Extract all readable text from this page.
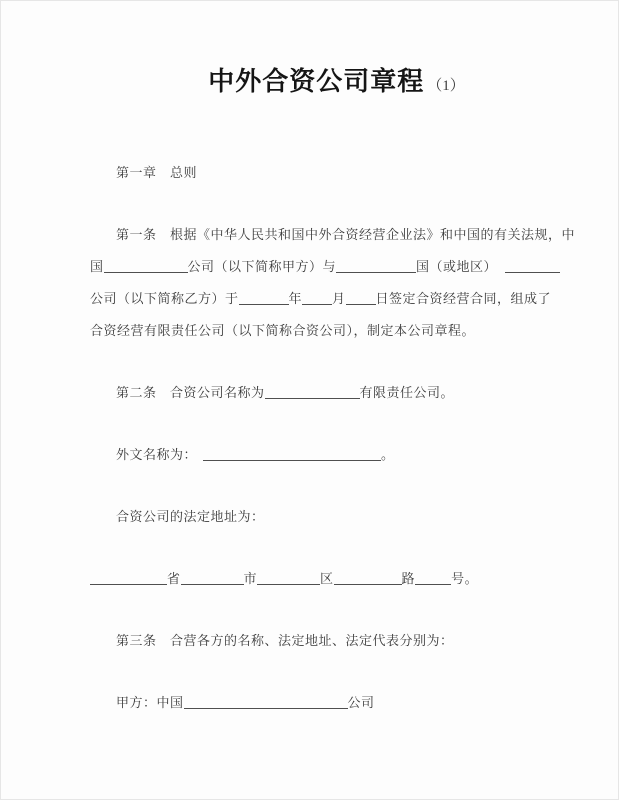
中外合资公司章程 （1）
第一章　总则
第一条　根据《中华人民共和国中外合资经营企业法》和中国的有关法规，中
国	公司（以下简称甲方）与	国（或地区）
公司（以下简称乙方）于	年 月 日签定合资经营合同，组成了
合资经营有限责任公司（以下简称合资公司），制定本公司章程。
第二条　合资公司名称为	有限责任公司。
外文名称为：	。
合资公司的法定地址为：
省	市	区	路	号。
第三条　合营各方的名称、法定地址、法定代表分别为：
甲方：中国	公司
